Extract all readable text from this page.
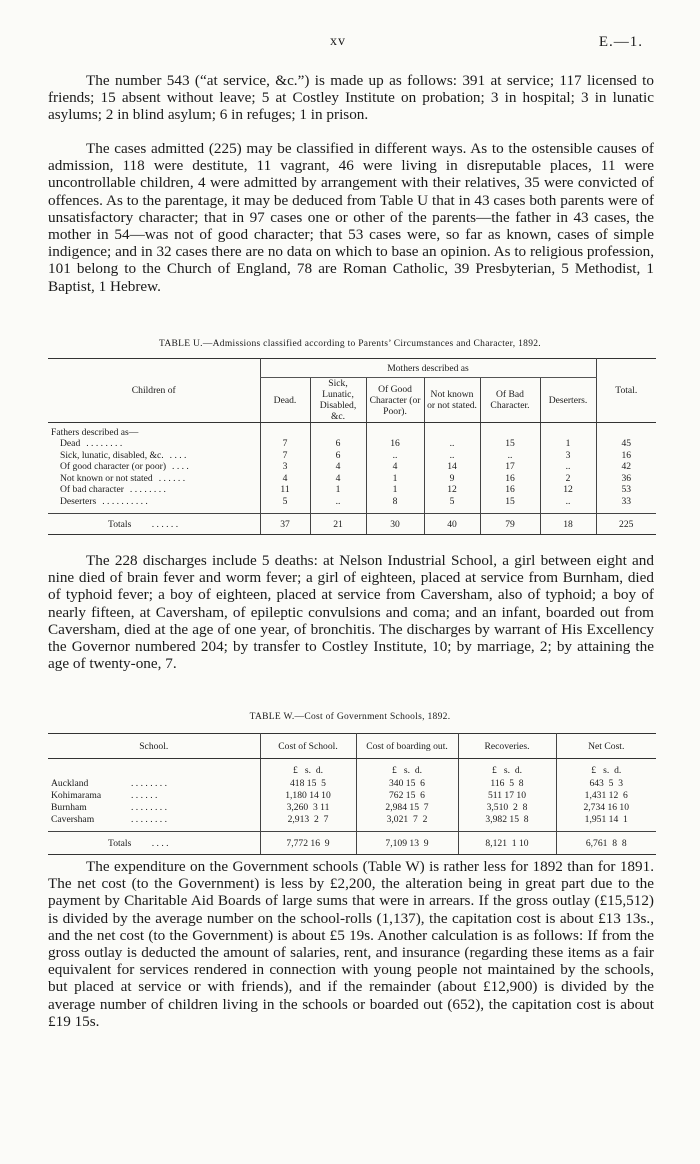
xv	E.—1.

The number 543 (“at service, &c.”) is made up as follows: 391 at service; 117 licensed to friends; 15 absent without leave; 5 at Costley Institute on probation; 3 in hospital; 3 in lunatic asylums; 2 in blind asylum; 6 in refuges; 1 in prison.

The cases admitted (225) may be classified in different ways. As to the ostensible causes of admission, 118 were destitute, 11 vagrant, 46 were living in disreputable places, 11 were uncontrollable children, 4 were admitted by arrangement with their relatives, 35 were convicted of offences. As to the parentage, it may be deduced from Table U that in 43 cases both parents were of unsatisfactory character; that in 97 cases one or other of the parents—the father in 43 cases, the mother in 54—was not of good character; that 53 cases were, so far as known, cases of simple indigence; and in 32 cases there are no data on which to base an opinion. As to religious profession, 101 belong to the Church of England, 78 are Roman Catholic, 39 Presbyterian, 5 Methodist, 1 Baptist, 1 Hebrew.

TABLE U.—Admissions classified according to Parents’ Circumstances and Character, 1892.
Children of	Mothers described as						Total.
	Dead.	Sick, Lunatic, Disabled, &c.	Of Good Character (or Poor).	Not known or not stated.	Of Bad Character.	Deserters.	
Fathers described as—							
Dead . . . . . . . .	7	6	16	..	15	1	45
Sick, lunatic, disabled, &c. . . . .	7	6	..	..	..	3	16
Of good character (or poor) . . . .	3	4	4	14	17	..	42
Not known or not stated . . . . . .	4	4	1	9	16	2	36
Of bad character . . . . . . . .	11	1	1	12	16	12	53
Deserters . . . . . . . . . .	5	..	8	5	15	..	33

Totals . . . . . .	37	21	30	40	79	18	225

The 228 discharges include 5 deaths: at Nelson Industrial School, a girl between eight and nine died of brain fever and worm fever; a girl of eighteen, placed at service from Burnham, died of typhoid fever; a boy of eighteen, placed at service from Caversham, also of typhoid; a boy of nearly fifteen, at Caversham, of epileptic convulsions and coma; and an infant, boarded out from Caversham, died at the age of one year, of bronchitis. The discharges by warrant of His Excellency the Governor numbered 204; by transfer to Costley Institute, 10; by marriage, 2; by attaining the age of twenty-one, 7.

TABLE W.—Cost of Government Schools, 1892.
School.	Cost of School.	Cost of boarding out.	Recoveries.	Net Cost.
	£   s.  d.	£   s.  d.	£   s.  d.	£   s.  d.
Auckland . . . . . . . .	418 15  5	340 15  6	116  5  8	643  5  3
Kohimarama . . . . . .	1,180 14 10	762 15  6	511 17 10	1,431 12  6
Burnham . . . . . . . .	3,260  3 11	2,984 15  7	3,510  2  8	2,734 16 10
Caversham . . . . . . . .	2,913  2  7	3,021  7  2	3,982 15  8	1,951 14  1

Totals . . . .	7,772 16  9	7,109 13  9	8,121  1 10	6,761  8  8

The expenditure on the Government schools (Table W) is rather less for 1892 than for 1891. The net cost (to the Government) is less by £2,200, the alteration being in great part due to the payment by Charitable Aid Boards of large sums that were in arrears. If the gross outlay (£15,512) is divided by the average number on the school-rolls (1,137), the capitation cost is about £13 13s., and the net cost (to the Government) is about £5 19s. Another calculation is as follows: If from the gross outlay is deducted the amount of salaries, rent, and insurance (regarding these items as a fair equivalent for services rendered in connection with young people not maintained by the schools, but placed at service or with friends), and if the remainder (about £12,900) is divided by the average number of children living in the schools or boarded out (652), the capitation cost is about £19 15s.
